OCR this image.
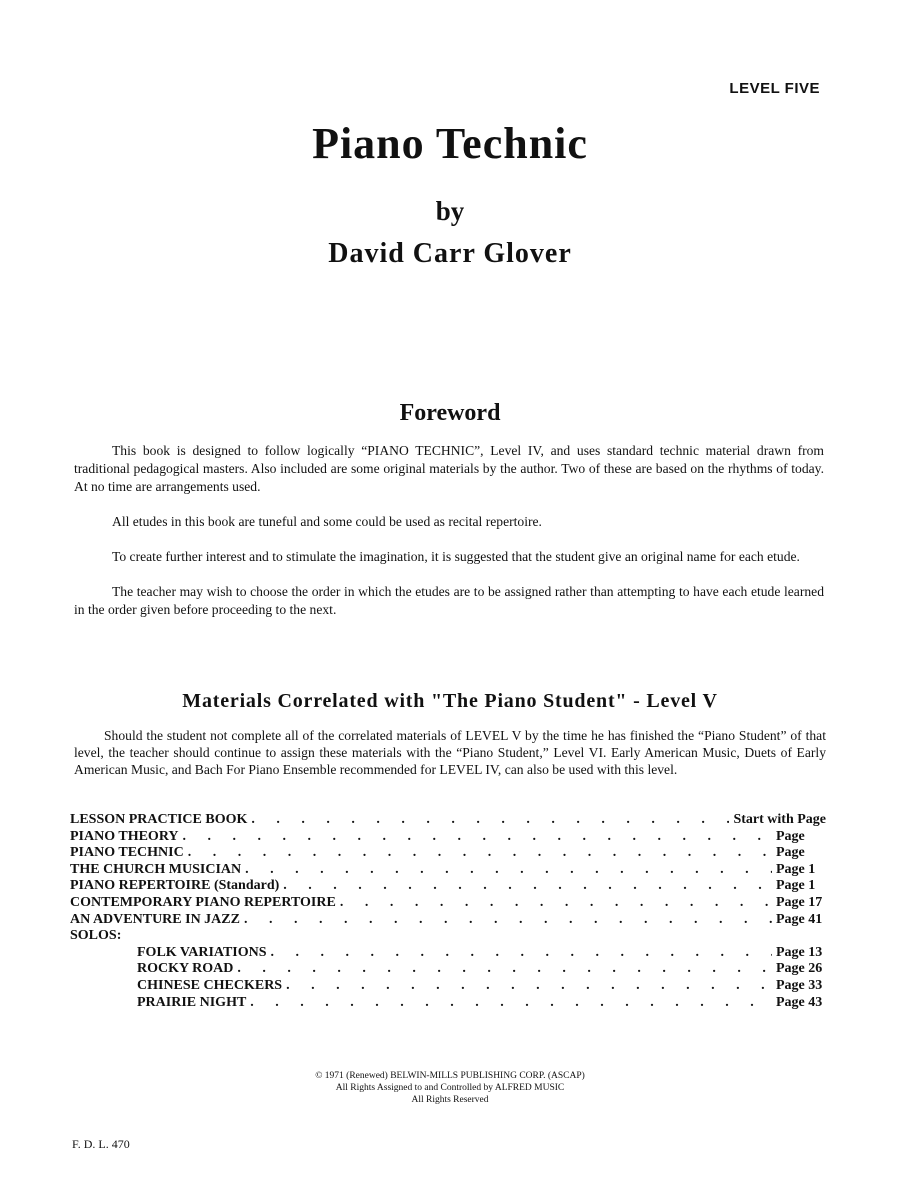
LEVEL FIVE
Piano Technic
by
David Carr Glover
Foreword

This book is designed to follow logically “PIANO TECHNIC”, Level IV, and uses standard technic material drawn from traditional pedagogical masters. Also included are some original materials by the author. Two of these are based on the rhythms of today. At no time are arrangements used.

All etudes in this book are tuneful and some could be used as recital repertoire.

To create further interest and to stimulate the imagination, it is suggested that the student give an original name for each etude.

The teacher may wish to choose the order in which the etudes are to be assigned rather than attempting to have each etude learned in the order given before proceeding to the next.

Materials Correlated with "The Piano Student" - Level V
Should the student not complete all of the correlated materials of LEVEL V by the time he has finished the “Piano Student” of that level, the teacher should continue to assign these materials with the “Piano Student,” Level VI. Early American Music, Duets of Early American Music, and Bach For Piano Ensemble recommended for LEVEL IV, can also be used with this level.
LESSON PRACTICE BOOK . . .	Start with Page
PIANO THEORY . . .	Page
PIANO TECHNIC . . .	Page
THE CHURCH MUSICIAN . . .	Page 1
PIANO REPERTOIRE (Standard) . . .	Page 1
CONTEMPORARY PIANO REPERTOIRE . . .	Page 17
AN ADVENTURE IN JAZZ . . .	Page 41
SOLOS:
FOLK VARIATIONS . . .	Page 13
ROCKY ROAD . . .	Page 26
CHINESE CHECKERS . . .	Page 33
PRAIRIE NIGHT . . .	Page 43
© 1971 (Renewed) BELWIN-MILLS PUBLISHING CORP. (ASCAP)
All Rights Assigned to and Controlled by ALFRED MUSIC
All Rights Reserved
F. D. L. 470
